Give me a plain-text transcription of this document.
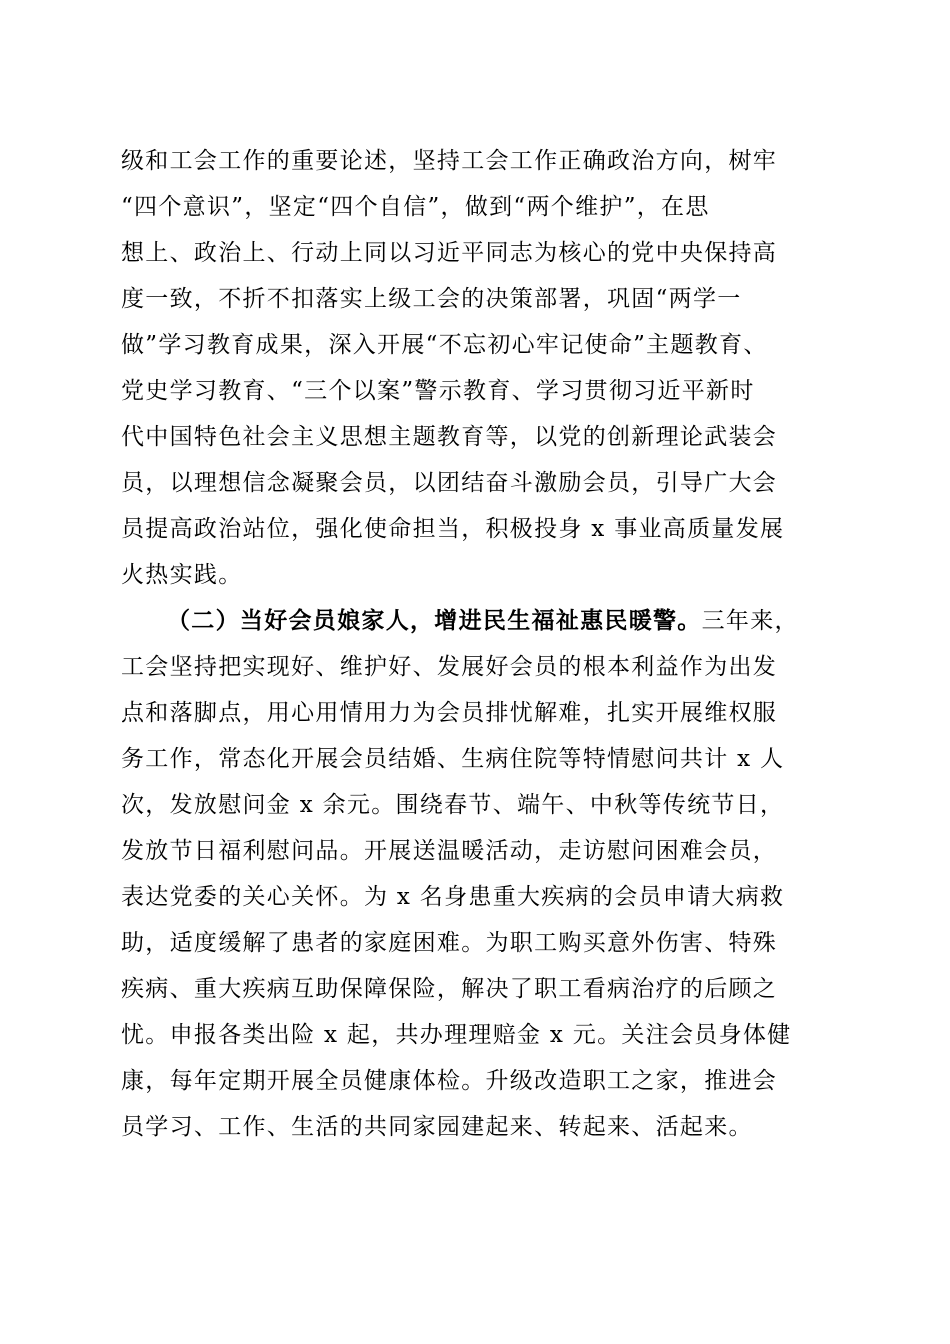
级和工会工作的重要论述，坚持工会工作正确政治方向，树牢
“四个意识”，坚定“四个自信”，做到“两个维护”，在思
想上、政治上、行动上同以习近平同志为核心的党中央保持高
度一致，不折不扣落实上级工会的决策部署，巩固“两学一
做”学习教育成果，深入开展“不忘初心牢记使命”主题教育、
党史学习教育、“三个以案”警示教育、学习贯彻习近平新时
代中国特色社会主义思想主题教育等，以党的创新理论武装会
员，以理想信念凝聚会员，以团结奋斗激励会员，引导广大会
员提高政治站位，强化使命担当，积极投身 x 事业高质量发展
火热实践。
（二）当好会员娘家人，增进民生福祉惠民暖警。三年来，
工会坚持把实现好、维护好、发展好会员的根本利益作为出发
点和落脚点，用心用情用力为会员排忧解难，扎实开展维权服
务工作，常态化开展会员结婚、生病住院等特情慰问共计 x 人
次，发放慰问金 x 余元。围绕春节、端午、中秋等传统节日，
发放节日福利慰问品。开展送温暖活动，走访慰问困难会员，
表达党委的关心关怀。为 x 名身患重大疾病的会员申请大病救
助，适度缓解了患者的家庭困难。为职工购买意外伤害、特殊
疾病、重大疾病互助保障保险，解决了职工看病治疗的后顾之
忧。申报各类出险 x 起，共办理理赔金 x 元。关注会员身体健
康，每年定期开展全员健康体检。升级改造职工之家，推进会
员学习、工作、生活的共同家园建起来、转起来、活起来。
